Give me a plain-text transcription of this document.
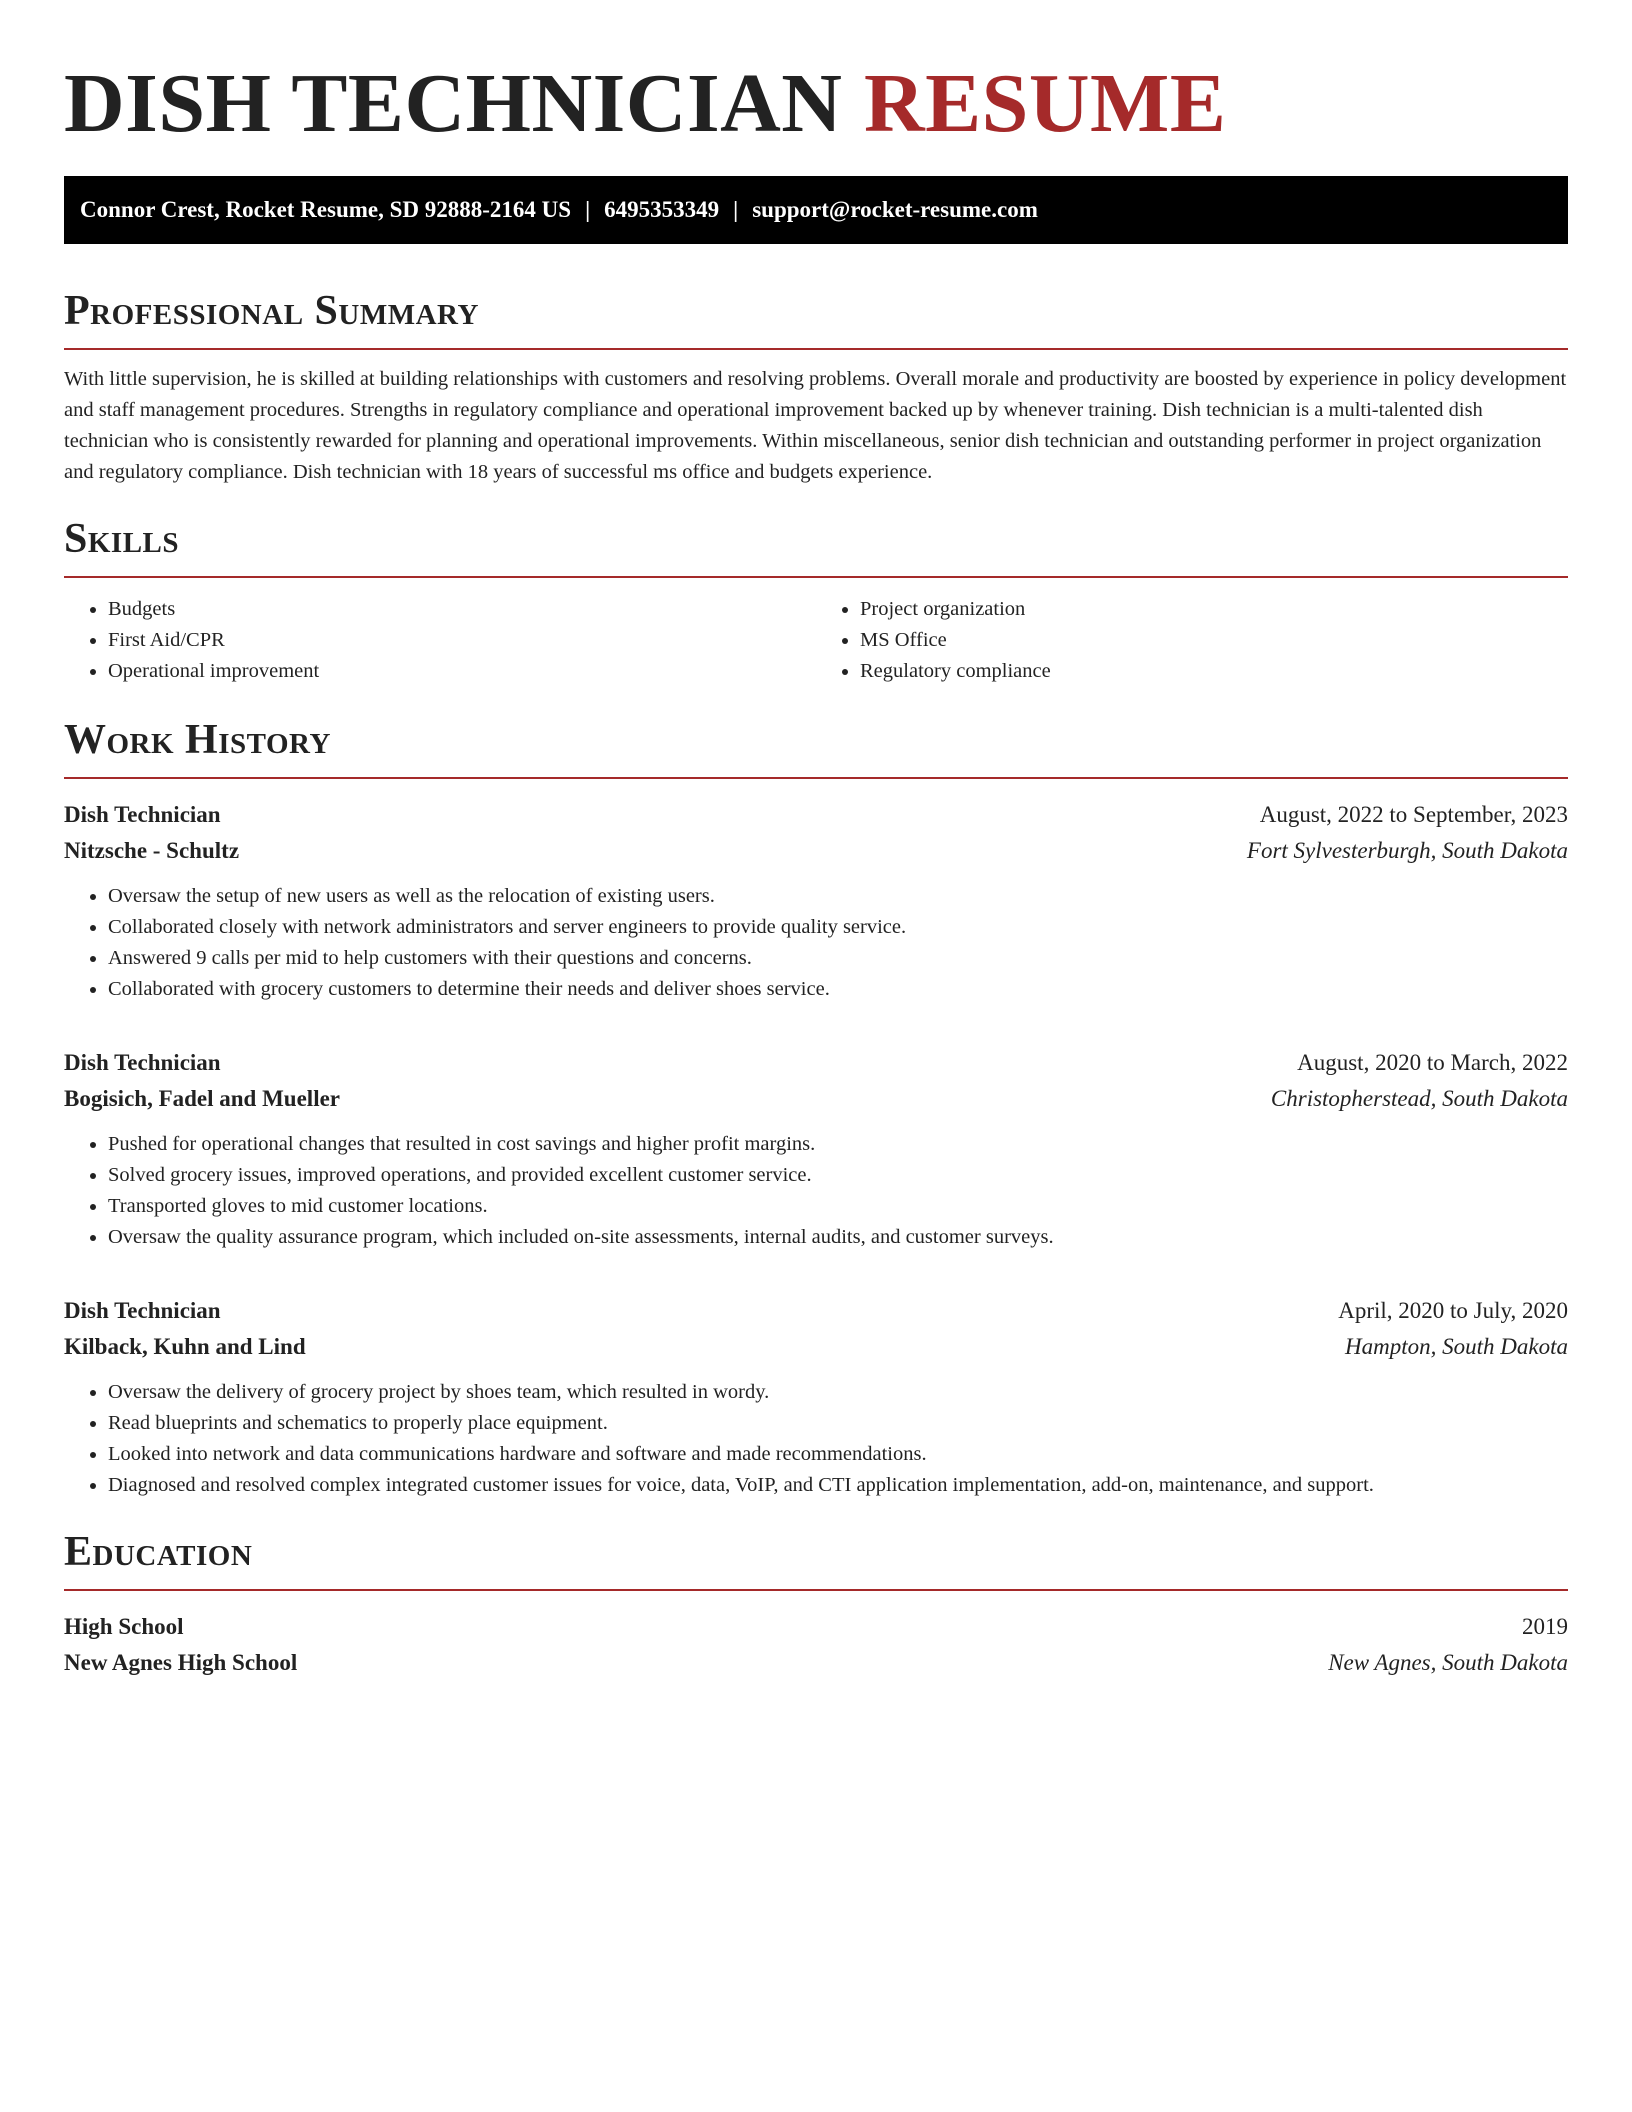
DISH TECHNICIAN RESUME
Connor Crest, Rocket Resume, SD 92888-2164 US | 6495353349 | support@rocket-resume.com
Professional Summary

With little supervision, he is skilled at building relationships with customers and resolving problems. Overall morale and productivity are boosted by experience in policy development and staff management procedures. Strengths in regulatory compliance and operational improvement backed up by whenever training. Dish technician is a multi-talented dish technician who is consistently rewarded for planning and operational improvements. Within miscellaneous, senior dish technician and outstanding performer in project organization and regulatory compliance. Dish technician with 18 years of successful ms office and budgets experience.

Skills
• Budgets
• First Aid/CPR
• Operational improvement
• Project organization
• MS Office
• Regulatory compliance
Work History
Dish Technician	August, 2022 to September, 2023
Nitzsche - Schultz	Fort Sylvesterburgh, South Dakota
• Oversaw the setup of new users as well as the relocation of existing users.
• Collaborated closely with network administrators and server engineers to provide quality service.
• Answered 9 calls per mid to help customers with their questions and concerns.
• Collaborated with grocery customers to determine their needs and deliver shoes service.
Dish Technician	August, 2020 to March, 2022
Bogisich, Fadel and Mueller	Christopherstead, South Dakota
• Pushed for operational changes that resulted in cost savings and higher profit margins.
• Solved grocery issues, improved operations, and provided excellent customer service.
• Transported gloves to mid customer locations.
• Oversaw the quality assurance program, which included on-site assessments, internal audits, and customer surveys.
Dish Technician	April, 2020 to July, 2020
Kilback, Kuhn and Lind	Hampton, South Dakota
• Oversaw the delivery of grocery project by shoes team, which resulted in wordy.
• Read blueprints and schematics to properly place equipment.
• Looked into network and data communications hardware and software and made recommendations.
• Diagnosed and resolved complex integrated customer issues for voice, data, VoIP, and CTI application implementation, add-on, maintenance, and support.
Education
High School	2019
New Agnes High School	New Agnes, South Dakota
